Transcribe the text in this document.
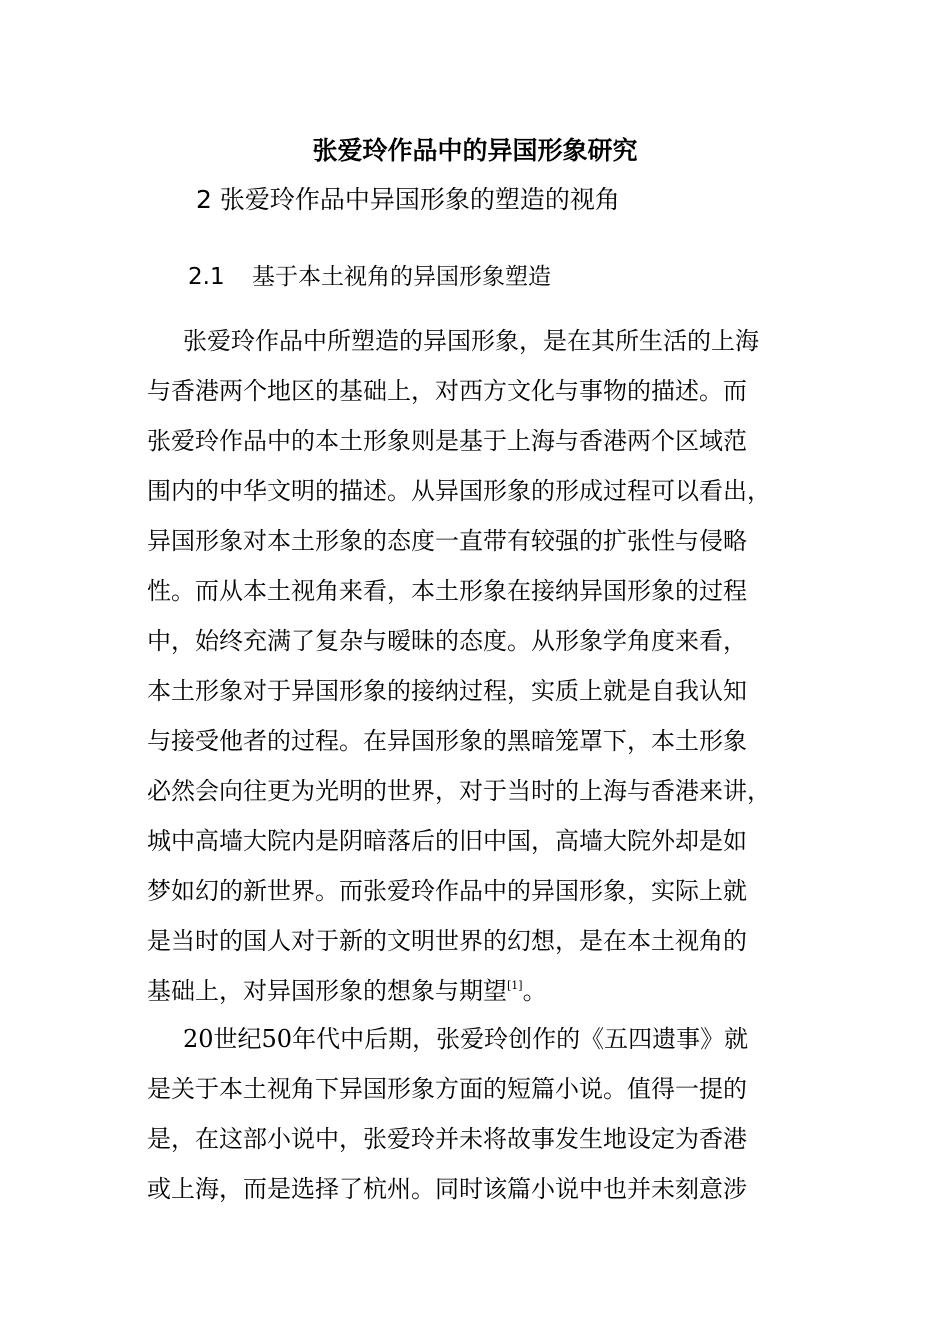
张爱玲作品中的异国形象研究
2 张爱玲作品中异国形象的塑造的视角
2.1 基于本土视角的异国形象塑造
张爱玲作品中所塑造的异国形象，是在其所生活的上海
与香港两个地区的基础上，对西方文化与事物的描述。而
张爱玲作品中的本土形象则是基于上海与香港两个区域范
围内的中华文明的描述。从异国形象的形成过程可以看出，
异国形象对本土形象的态度一直带有较强的扩张性与侵略
性。而从本土视角来看，本土形象在接纳异国形象的过程
中，始终充满了复杂与暧昧的态度。从形象学角度来看，
本土形象对于异国形象的接纳过程，实质上就是自我认知
与接受他者的过程。在异国形象的黑暗笼罩下，本土形象
必然会向往更为光明的世界，对于当时的上海与香港来讲，
城中高墙大院内是阴暗落后的旧中国，高墙大院外却是如
梦如幻的新世界。而张爱玲作品中的异国形象，实际上就
是当时的国人对于新的文明世界的幻想，是在本土视角的
基础上，对异国形象的想象与期望[1]。
20世纪50年代中后期，张爱玲创作的《五四遗事》就
是关于本土视角下异国形象方面的短篇小说。值得一提的
是，在这部小说中，张爱玲并未将故事发生地设定为香港
或上海，而是选择了杭州。同时该篇小说中也并未刻意涉
